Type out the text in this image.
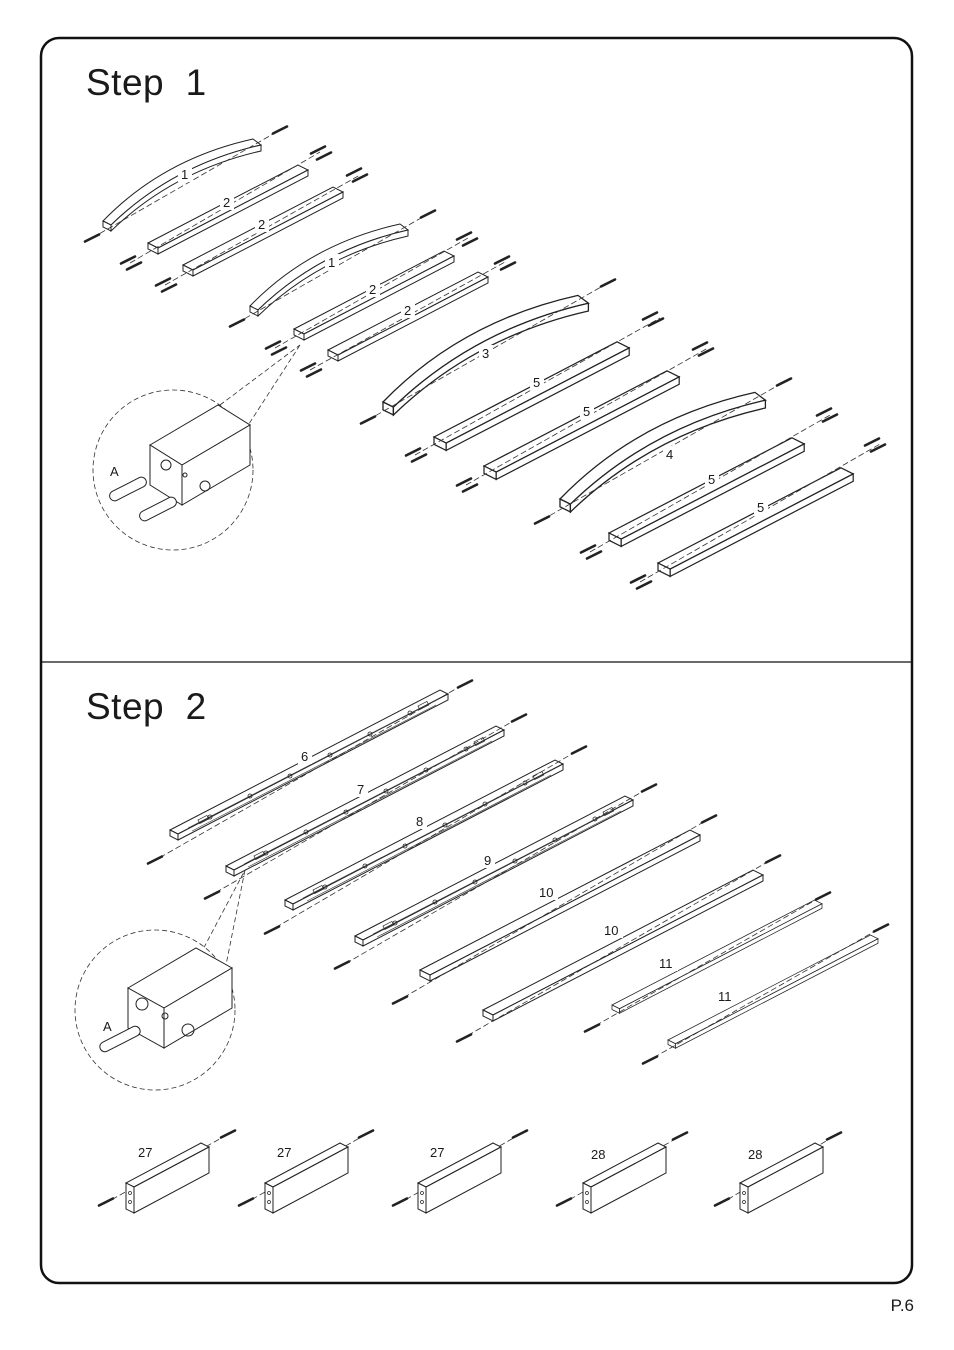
1
2
2
1
2
2
3
5
5
4
5
5
A
6
7
8
9
10
10
11
11
A
27	27	27	28	28
Step  1
Step  2
P.6
